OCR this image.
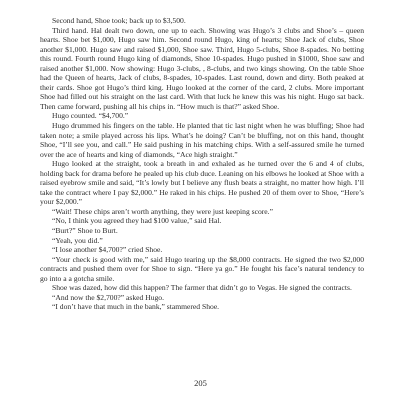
Second hand, Shoe took; back up to $3,500.

Third hand. Hal dealt two down, one up to each. Showing was Hugo’s 3 clubs and Shoe’s – queen hearts. Shoe bet $1,000, Hugo saw him. Second round Hugo, king of hearts; Shoe Jack of clubs, Shoe another $1,000. Hugo saw and raised $1,000, Shoe saw. Third, Hugo 5-clubs, Shoe 8-spades. No betting this round. Fourth round Hugo king of diamonds, Shoe 10-spades. Hugo pushed in $1000, Shoe saw and raised another $1,000. Now showing: Hugo 3-clubs, , 8-clubs, and two kings showing. On the table Shoe had the Queen of hearts, Jack of clubs, 8-spades, 10-spades. Last round, down and dirty. Both peaked at their cards. Shoe got Hugo’s third king. Hugo looked at the corner of the card, 2 clubs. More important Shoe had filled out his straight on the last card. With that luck he knew this was his night. Hugo sat back. Then came forward, pushing all his chips in. “How much is that?” asked Shoe.

Hugo counted. “$4,700.”

Hugo drummed his fingers on the table. He planted that tic last night when he was bluffing; Shoe had taken note; a smile played across his lips. What’s he doing? Can’t be bluffing, not on this hand, thought Shoe, “I’ll see you, and call.” He said pushing in his matching chips. With a self-assured smile he turned over the ace of hearts and king of diamonds, “Ace high straight.”

Hugo looked at the straight, took a breath in and exhaled as he turned over the 6 and 4 of clubs, holding back for drama before he pealed up his club duce. Leaning on his elbows he looked at Shoe with a raised eyebrow smile and said, “It’s lowly but I believe any flush beats a straight, no matter how high. I’ll take the contract where I pay $2,000.” He raked in his chips. He pushed 20 of them over to Shoe, “Here’s your $2,000.”

“Wait! These chips aren’t worth anything, they were just keeping score.”

“No, I think you agreed they had $100 value,” said Hal.

“Burt?” Shoe to Burt.

“Yeah, you did.”

“I lose another $4,700?” cried Shoe.

“Your check is good with me,” said Hugo tearing up the $8,000 contracts. He signed the two $2,000 contracts and pushed them over for Shoe to sign. “Here ya go.” He fought his face’s natural tendency to go into a a gotcha smile.

Shoe was dazed, how did this happen? The farmer that didn’t go to Vegas. He signed the contracts.

“And now the $2,700?” asked Hugo.

“I don’t have that much in the bank,” stammered Shoe.

205
